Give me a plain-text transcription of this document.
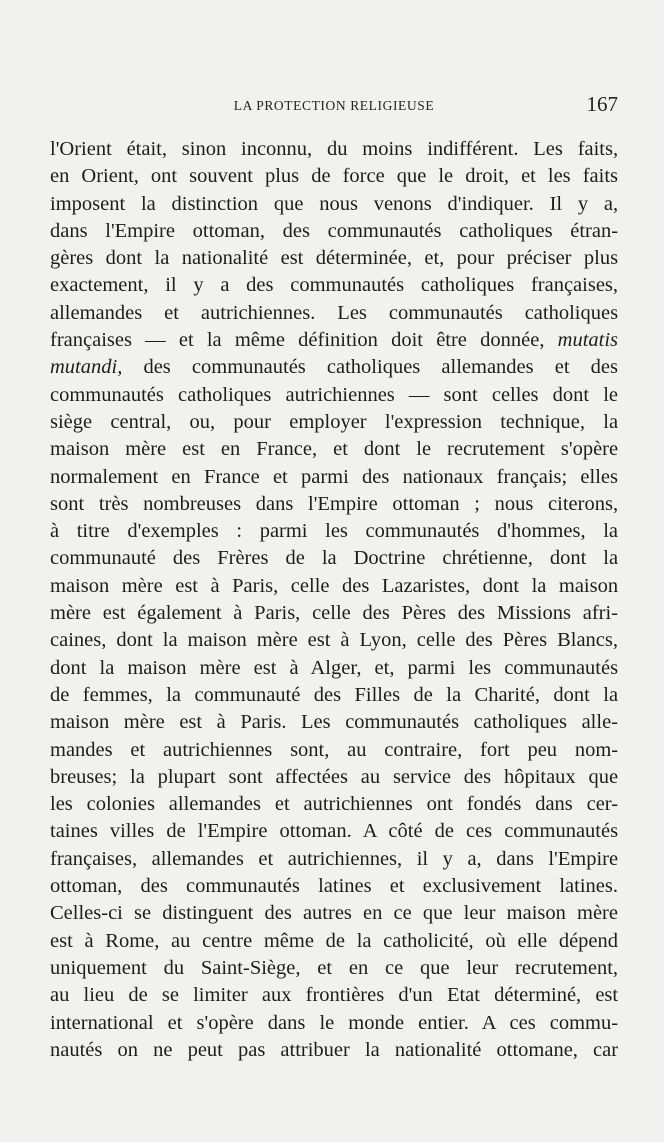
LA PROTECTION RELIGIEUSE	167
l'Orient était, sinon inconnu, du moins indifférent. Les faits,
en Orient, ont souvent plus de force que le droit, et les faits
imposent la distinction que nous venons d'indiquer. Il y a,
dans l'Empire ottoman, des communautés catholiques étran-
gères dont la nationalité est déterminée, et, pour préciser plus
exactement, il y a des communautés catholiques françaises,
allemandes et autrichiennes. Les communautés catholiques
françaises — et la même définition doit être donnée, mutatis
mutandi, des communautés catholiques allemandes et des
communautés catholiques autrichiennes — sont celles dont le
siège central, ou, pour employer l'expression technique, la
maison mère est en France, et dont le recrutement s'opère
normalement en France et parmi des nationaux français; elles
sont très nombreuses dans l'Empire ottoman ; nous citerons,
à titre d'exemples : parmi les communautés d'hommes, la
communauté des Frères de la Doctrine chrétienne, dont la
maison mère est à Paris, celle des Lazaristes, dont la maison
mère est également à Paris, celle des Pères des Missions afri-
caines, dont la maison mère est à Lyon, celle des Pères Blancs,
dont la maison mère est à Alger, et, parmi les communautés
de femmes, la communauté des Filles de la Charité, dont la
maison mère est à Paris. Les communautés catholiques alle-
mandes et autrichiennes sont, au contraire, fort peu nom-
breuses; la plupart sont affectées au service des hôpitaux que
les colonies allemandes et autrichiennes ont fondés dans cer-
taines villes de l'Empire ottoman. A côté de ces communautés
françaises, allemandes et autrichiennes, il y a, dans l'Empire
ottoman, des communautés latines et exclusivement latines.
Celles-ci se distinguent des autres en ce que leur maison mère
est à Rome, au centre même de la catholicité, où elle dépend
uniquement du Saint-Siège, et en ce que leur recrutement,
au lieu de se limiter aux frontières d'un Etat déterminé, est
international et s'opère dans le monde entier. A ces commu-
nautés on ne peut pas attribuer la nationalité ottomane, car
